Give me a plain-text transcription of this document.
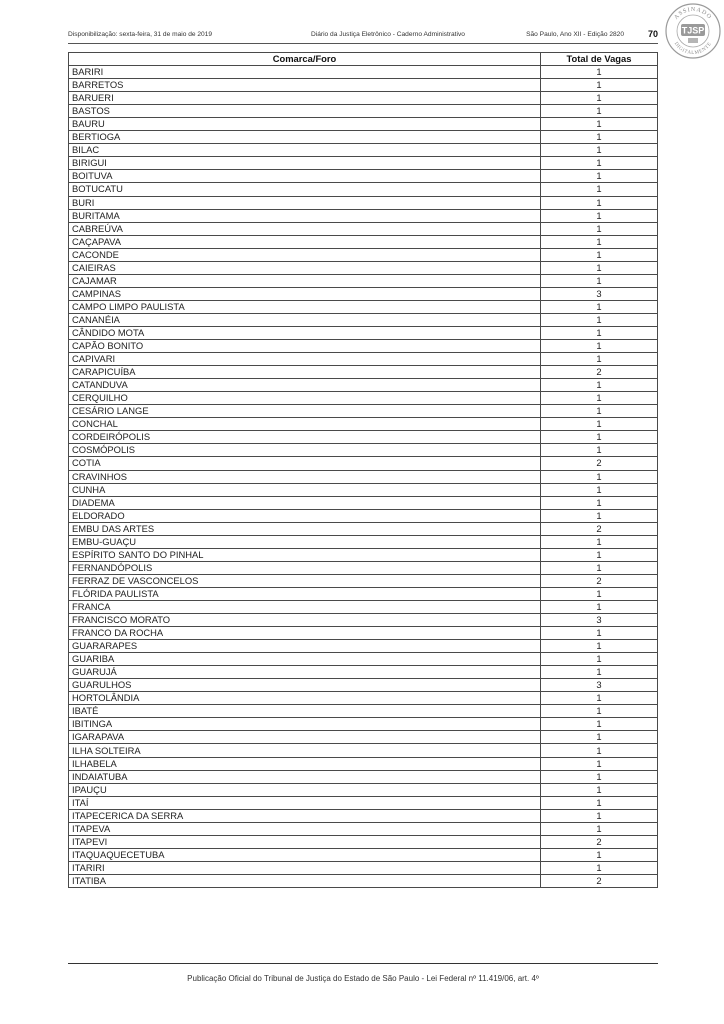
Disponibilização: sexta-feira, 31 de maio de 2019	Diário da Justiça Eletrônico - Caderno Administrativo	São Paulo, Ano XII - Edição 2820	70
ASSINADO
DIGITALMENTE
TJSP
Comarca/Foro	Total de Vagas
BARIRI	1
BARRETOS	1
BARUERI	1
BASTOS	1
BAURU	1
BERTIOGA	1
BILAC	1
BIRIGUI	1
BOITUVA	1
BOTUCATU	1
BURI	1
BURITAMA	1
CABREÚVA	1
CAÇAPAVA	1
CACONDE	1
CAIEIRAS	1
CAJAMAR	1
CAMPINAS	3
CAMPO LIMPO PAULISTA	1
CANANÉIA	1
CÂNDIDO MOTA	1
CAPÃO BONITO	1
CAPIVARI	1
CARAPICUÍBA	2
CATANDUVA	1
CERQUILHO	1
CESÁRIO LANGE	1
CONCHAL	1
CORDEIRÓPOLIS	1
COSMÓPOLIS	1
COTIA	2
CRAVINHOS	1
CUNHA	1
DIADEMA	1
ELDORADO	1
EMBU DAS ARTES	2
EMBU-GUAÇU	1
ESPÍRITO SANTO DO PINHAL	1
FERNANDÓPOLIS	1
FERRAZ DE VASCONCELOS	2
FLÓRIDA PAULISTA	1
FRANCA	1
FRANCISCO MORATO	3
FRANCO DA ROCHA	1
GUARARAPES	1
GUARIBA	1
GUARUJÁ	1
GUARULHOS	3
HORTOLÂNDIA	1
IBATÉ	1
IBITINGA	1
IGARAPAVA	1
ILHA SOLTEIRA	1
ILHABELA	1
INDAIATUBA	1
IPAUÇU	1
ITAÍ	1
ITAPECERICA DA SERRA	1
ITAPEVA	1
ITAPEVI	2
ITAQUAQUECETUBA	1
ITARIRI	1
ITATIBA	2
Publicação Oficial do Tribunal de Justiça do Estado de São Paulo - Lei Federal nº 11.419/06, art. 4º
